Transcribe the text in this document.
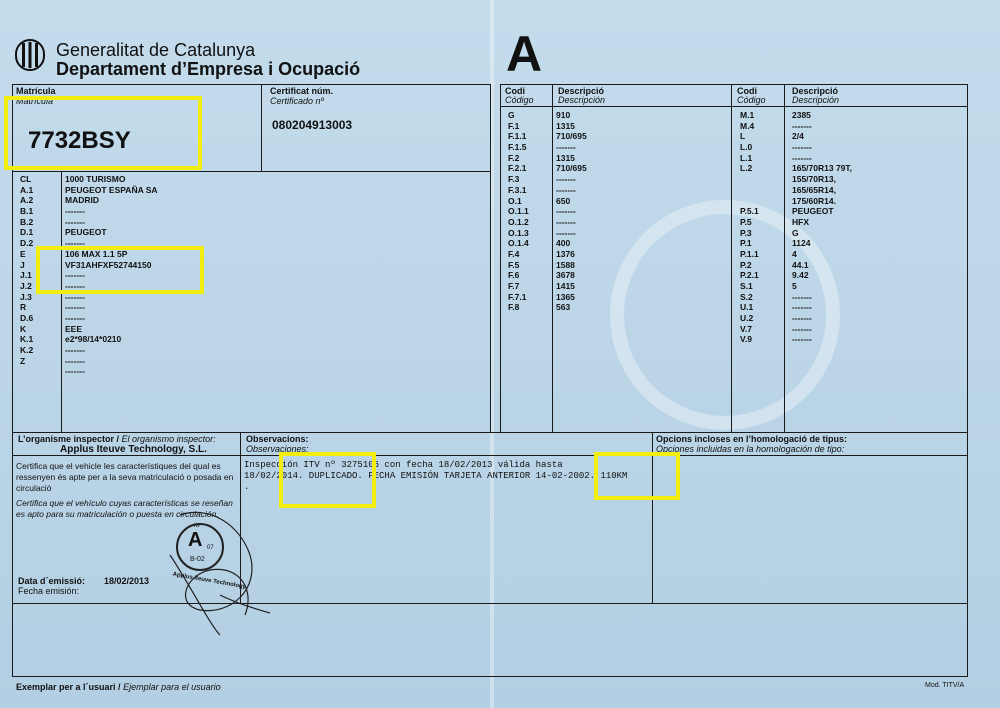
Generalitat de Catalunya
Departament d’Empresa i Ocupació	A
Matrícula
Matrícula
7732BSY
Certificat núm.
Certificado nº
080204913003
CL
A.1
A.2
B.1
B.2
D.1
D.2
E
J
J.1
J.2
J.3
R
D.6
K
K.1
K.2
Z
1000 TURISMO
PEUGEOT ESPAÑA SA
MADRID
-------
-------
PEUGEOT
-------
106 MAX 1.1 5P
VF31AHFXF52744150
-------
-------
-------
-------
-------
EEE
e2*98/14*0210
-------
-------
-------
Codi
Código
Descripció
Descripción
G
F.1
F.1.1
F.1.5
F.2
F.2.1
F.3
F.3.1
O.1
O.1.1
O.1.2
O.1.3
O.1.4
F.4
F.5
F.6
F.7
F.7.1
F.8
910
1315
710/695
-------
1315
710/695
-------
-------
650
-------
-------
-------
400
1376
1588
3678
1415
1365
563
Codi
Código
Descripció
Descripción
M.1
M.4
L
L.0
L.1
L.2
P.5.1
P.5
P.3
P.1
P.1.1
P.2
P.2.1
S.1
S.2
U.1
U.2
V.7
V.9
2385
-------
2/4
-------
-------
165/70R13 79T,
155/70R13,
165/65R14,
175/60R14.
PEUGEOT
HFX
G
1124
4
44.1
9.42
5
-------
-------
-------
-------
-------
L’organisme inspector / El organismo inspector:
Applus Iteuve Technology, S.L.
Certifica que el vehicle les característiques del qual es ressenyen és apte per a la seva matriculació o posada en circulació
Certifica que el vehículo cuyas características se reseñan es apto para su matriculación o puesta en circulación.
Data d´emissió: 18/02/2013
Fecha emisión:
itv
A 07
B-02
Applus Iteuve Technology
Observacions:
Observaciones:
Inspección ITV nº 3275106 con fecha 18/02/2013 válida hasta
18/02/2014. DUPLICADO. FECHA EMISIÓN TARJETA ANTERIOR 14-02-2002. 110KM
.
Opcions incloses en l’homologació de tipus:
Opciones incluidas en la homologación de tipo:
Exemplar per a l´usuari / Ejemplar para el usuario	Mod. TITV/A
